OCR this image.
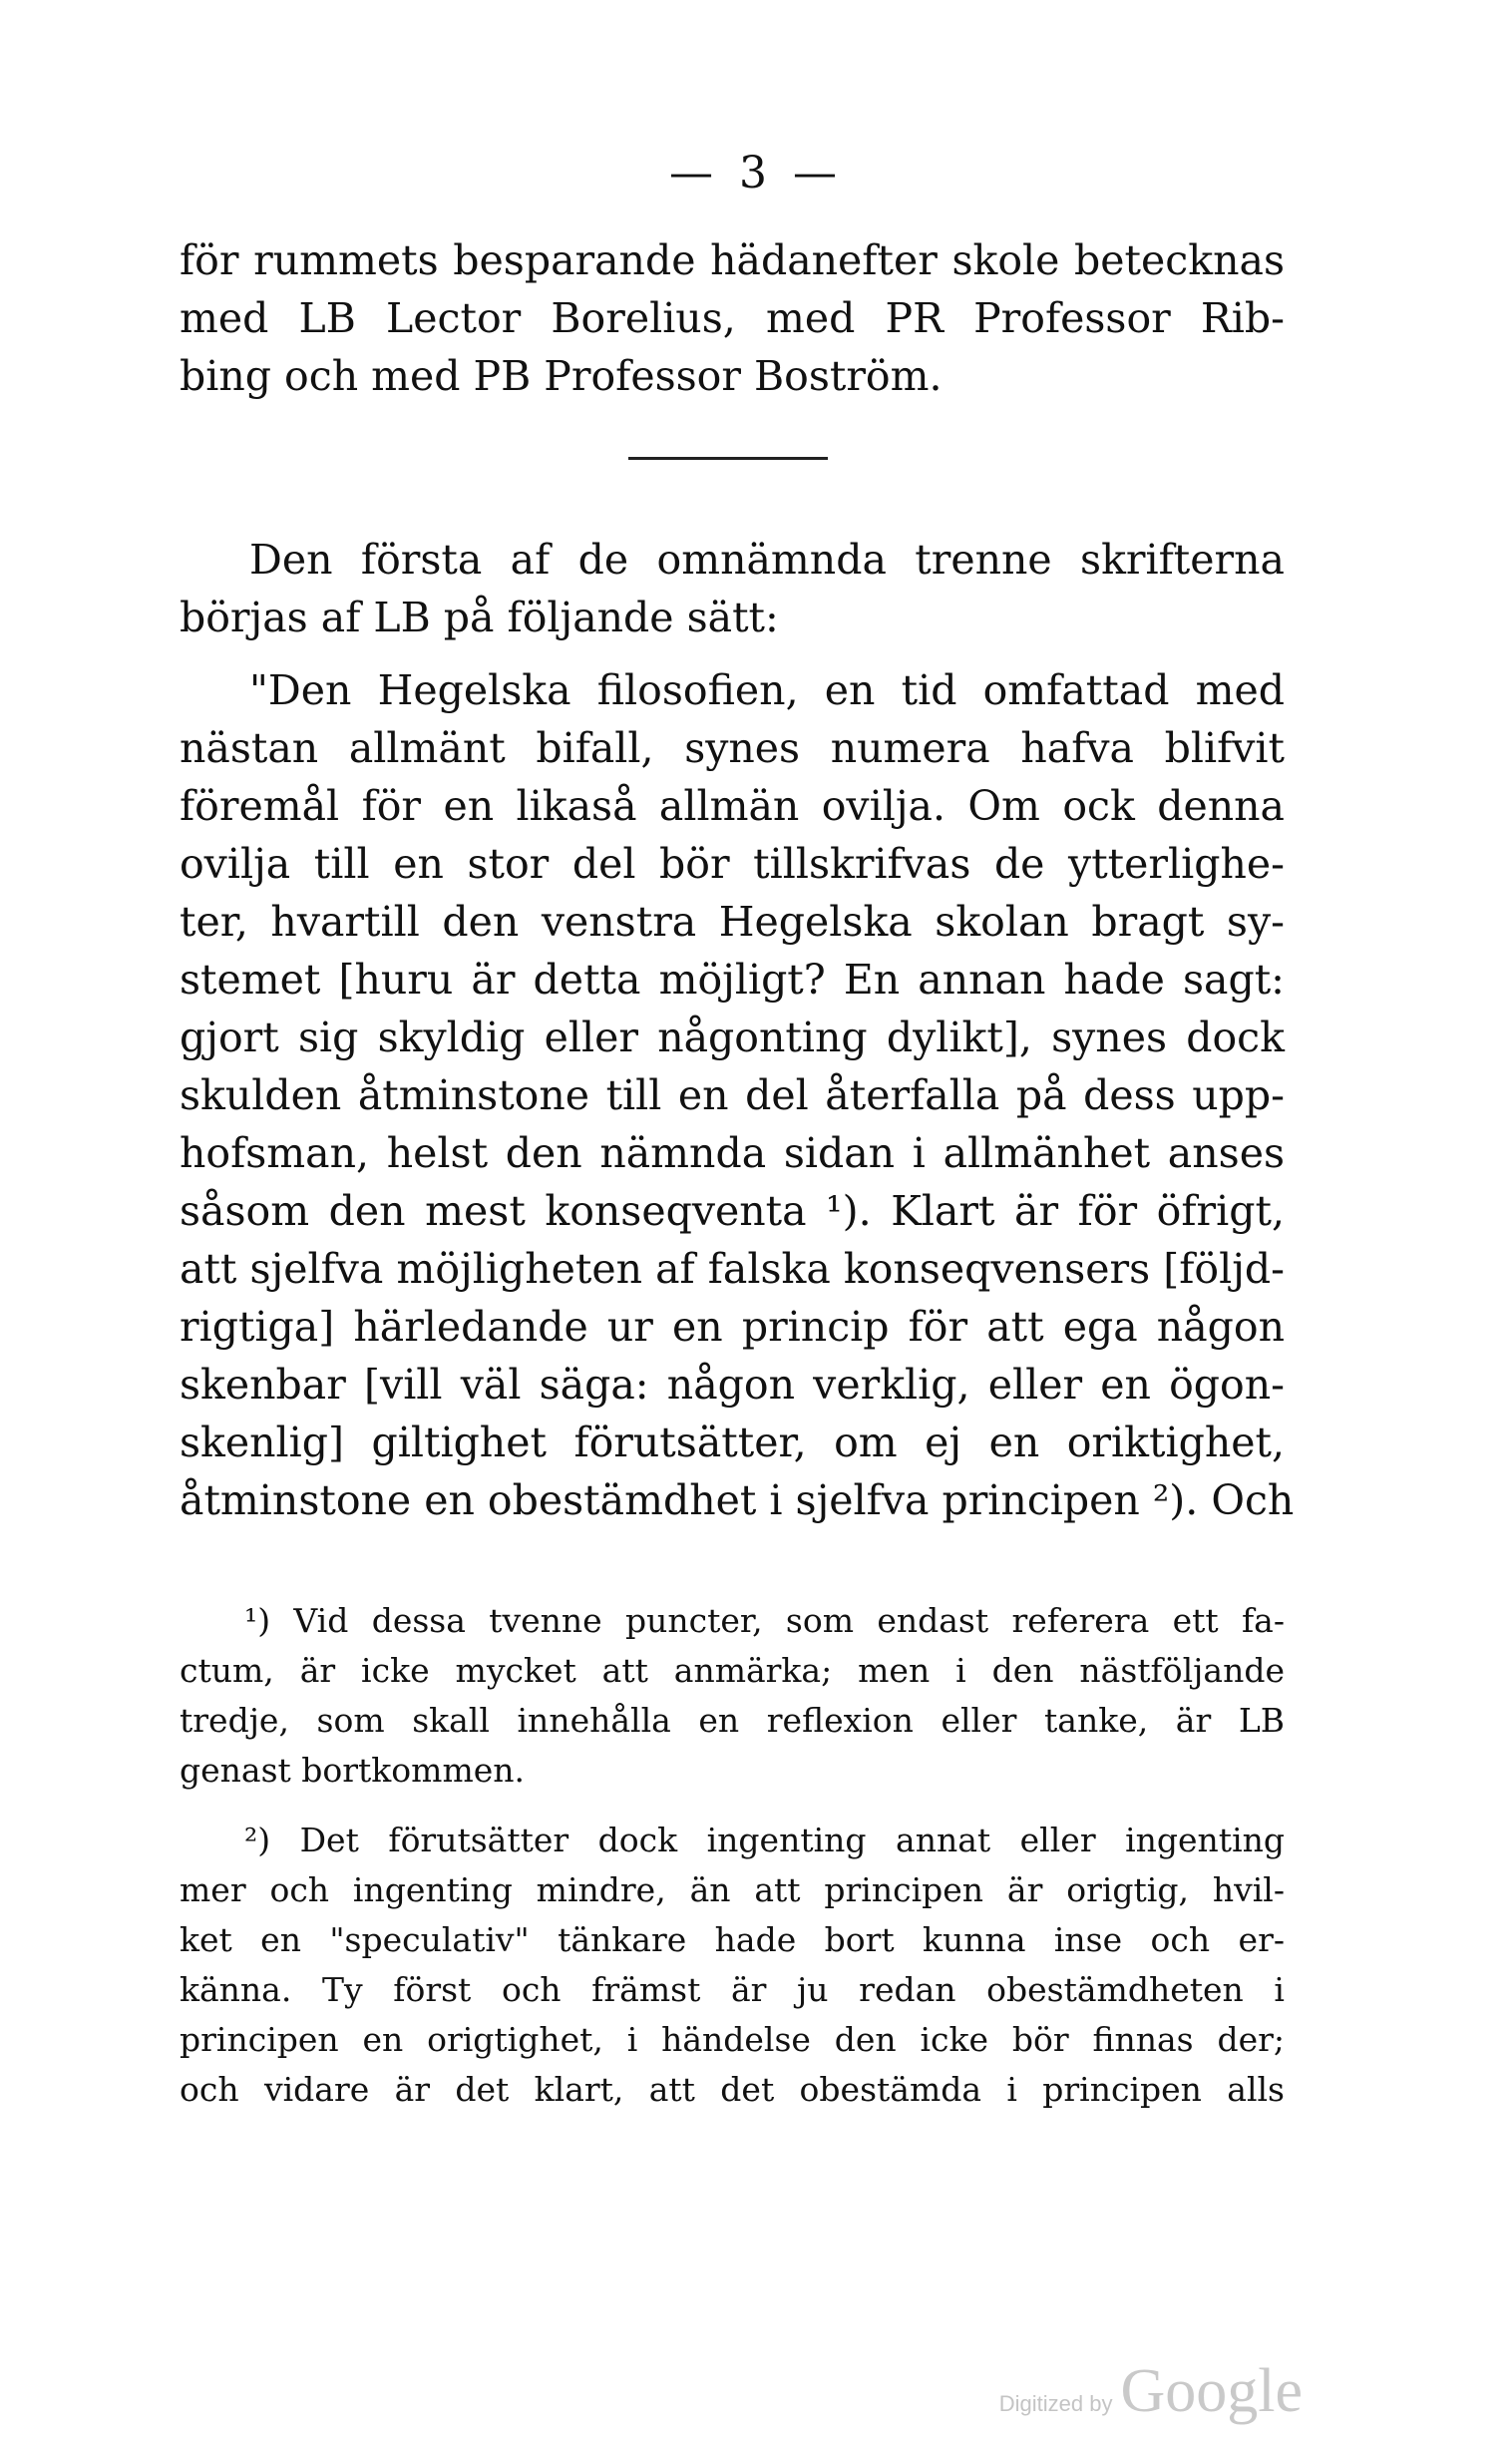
— 3 —
för rummets besparande hädanefter skole betecknas
med LB Lector Borelius, med PR Professor Rib-
bing och med PB Professor Boström.
Den första af de omnämnda trenne skrifterna
börjas af LB på följande sätt:
"Den Hegelska filosofien, en tid omfattad med
nästan allmänt bifall, synes numera hafva blifvit
föremål för en likaså allmän ovilja. Om ock denna
ovilja till en stor del bör tillskrifvas de ytterlighe-
ter, hvartill den venstra Hegelska skolan bragt sy-
stemet [huru är detta möjligt? En annan hade sagt:
gjort sig skyldig eller någonting dylikt], synes dock
skulden åtminstone till en del återfalla på dess upp-
hofsman, helst den nämnda sidan i allmänhet anses
såsom den mest konseqventa ¹). Klart är för öfrigt,
att sjelfva möjligheten af falska konseqvensers [följd-
rigtiga] härledande ur en princip för att ega någon
skenbar [vill väl säga: någon verklig, eller en ögon-
skenlig] giltighet förutsätter, om ej en oriktighet,
åtminstone en obestämdhet i sjelfva principen ²). Och
¹) Vid dessa tvenne puncter, som endast referera ett fa-
ctum, är icke mycket att anmärka; men i den nästföljande
tredje, som skall innehålla en reflexion eller tanke, är LB
genast bortkommen.
²) Det förutsätter dock ingenting annat eller ingenting
mer och ingenting mindre, än att principen är origtig, hvil-
ket en "speculativ" tänkare hade bort kunna inse och er-
känna. Ty först och främst är ju redan obestämdheten i
principen en origtighet, i händelse den icke bör finnas der;
och vidare är det klart, att det obestämda i principen alls
Digitized by Google
